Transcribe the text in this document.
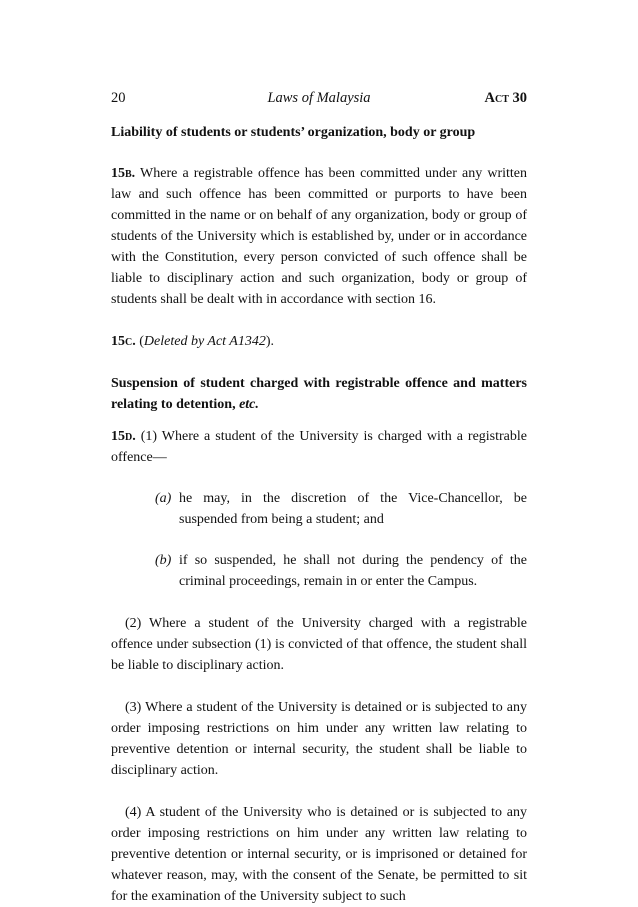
Laws of Malaysia
20	Act 30
Liability of students or students’ organization, body or group

15b. Where a registrable offence has been committed under any written law and such offence has been committed or purports to have been committed in the name or on behalf of any organization, body or group of students of the University which is established by, under or in accordance with the Constitution, every person convicted of such offence shall be liable to disciplinary action and such organization, body or group of students shall be dealt with in accordance with section 16.

15c. (Deleted by Act A1342).

Suspension of student charged with registrable offence and matters relating to detention, etc.

15d. (1) Where a student of the University is charged with a registrable offence—

(a) he may, in the discretion of the Vice-Chancellor, be suspended from being a student; and

(b) if so suspended, he shall not during the pendency of the criminal proceedings, remain in or enter the Campus.

(2) Where a student of the University charged with a registrable offence under subsection (1) is convicted of that offence, the student shall be liable to disciplinary action.

(3) Where a student of the University is detained or is subjected to any order imposing restrictions on him under any written law relating to preventive detention or internal security, the student shall be liable to disciplinary action.

(4) A student of the University who is detained or is subjected to any order imposing restrictions on him under any written law relating to preventive detention or internal security, or is imprisoned or detained for whatever reason, may, with the consent of the Senate, be permitted to sit for the examination of the University subject to such
